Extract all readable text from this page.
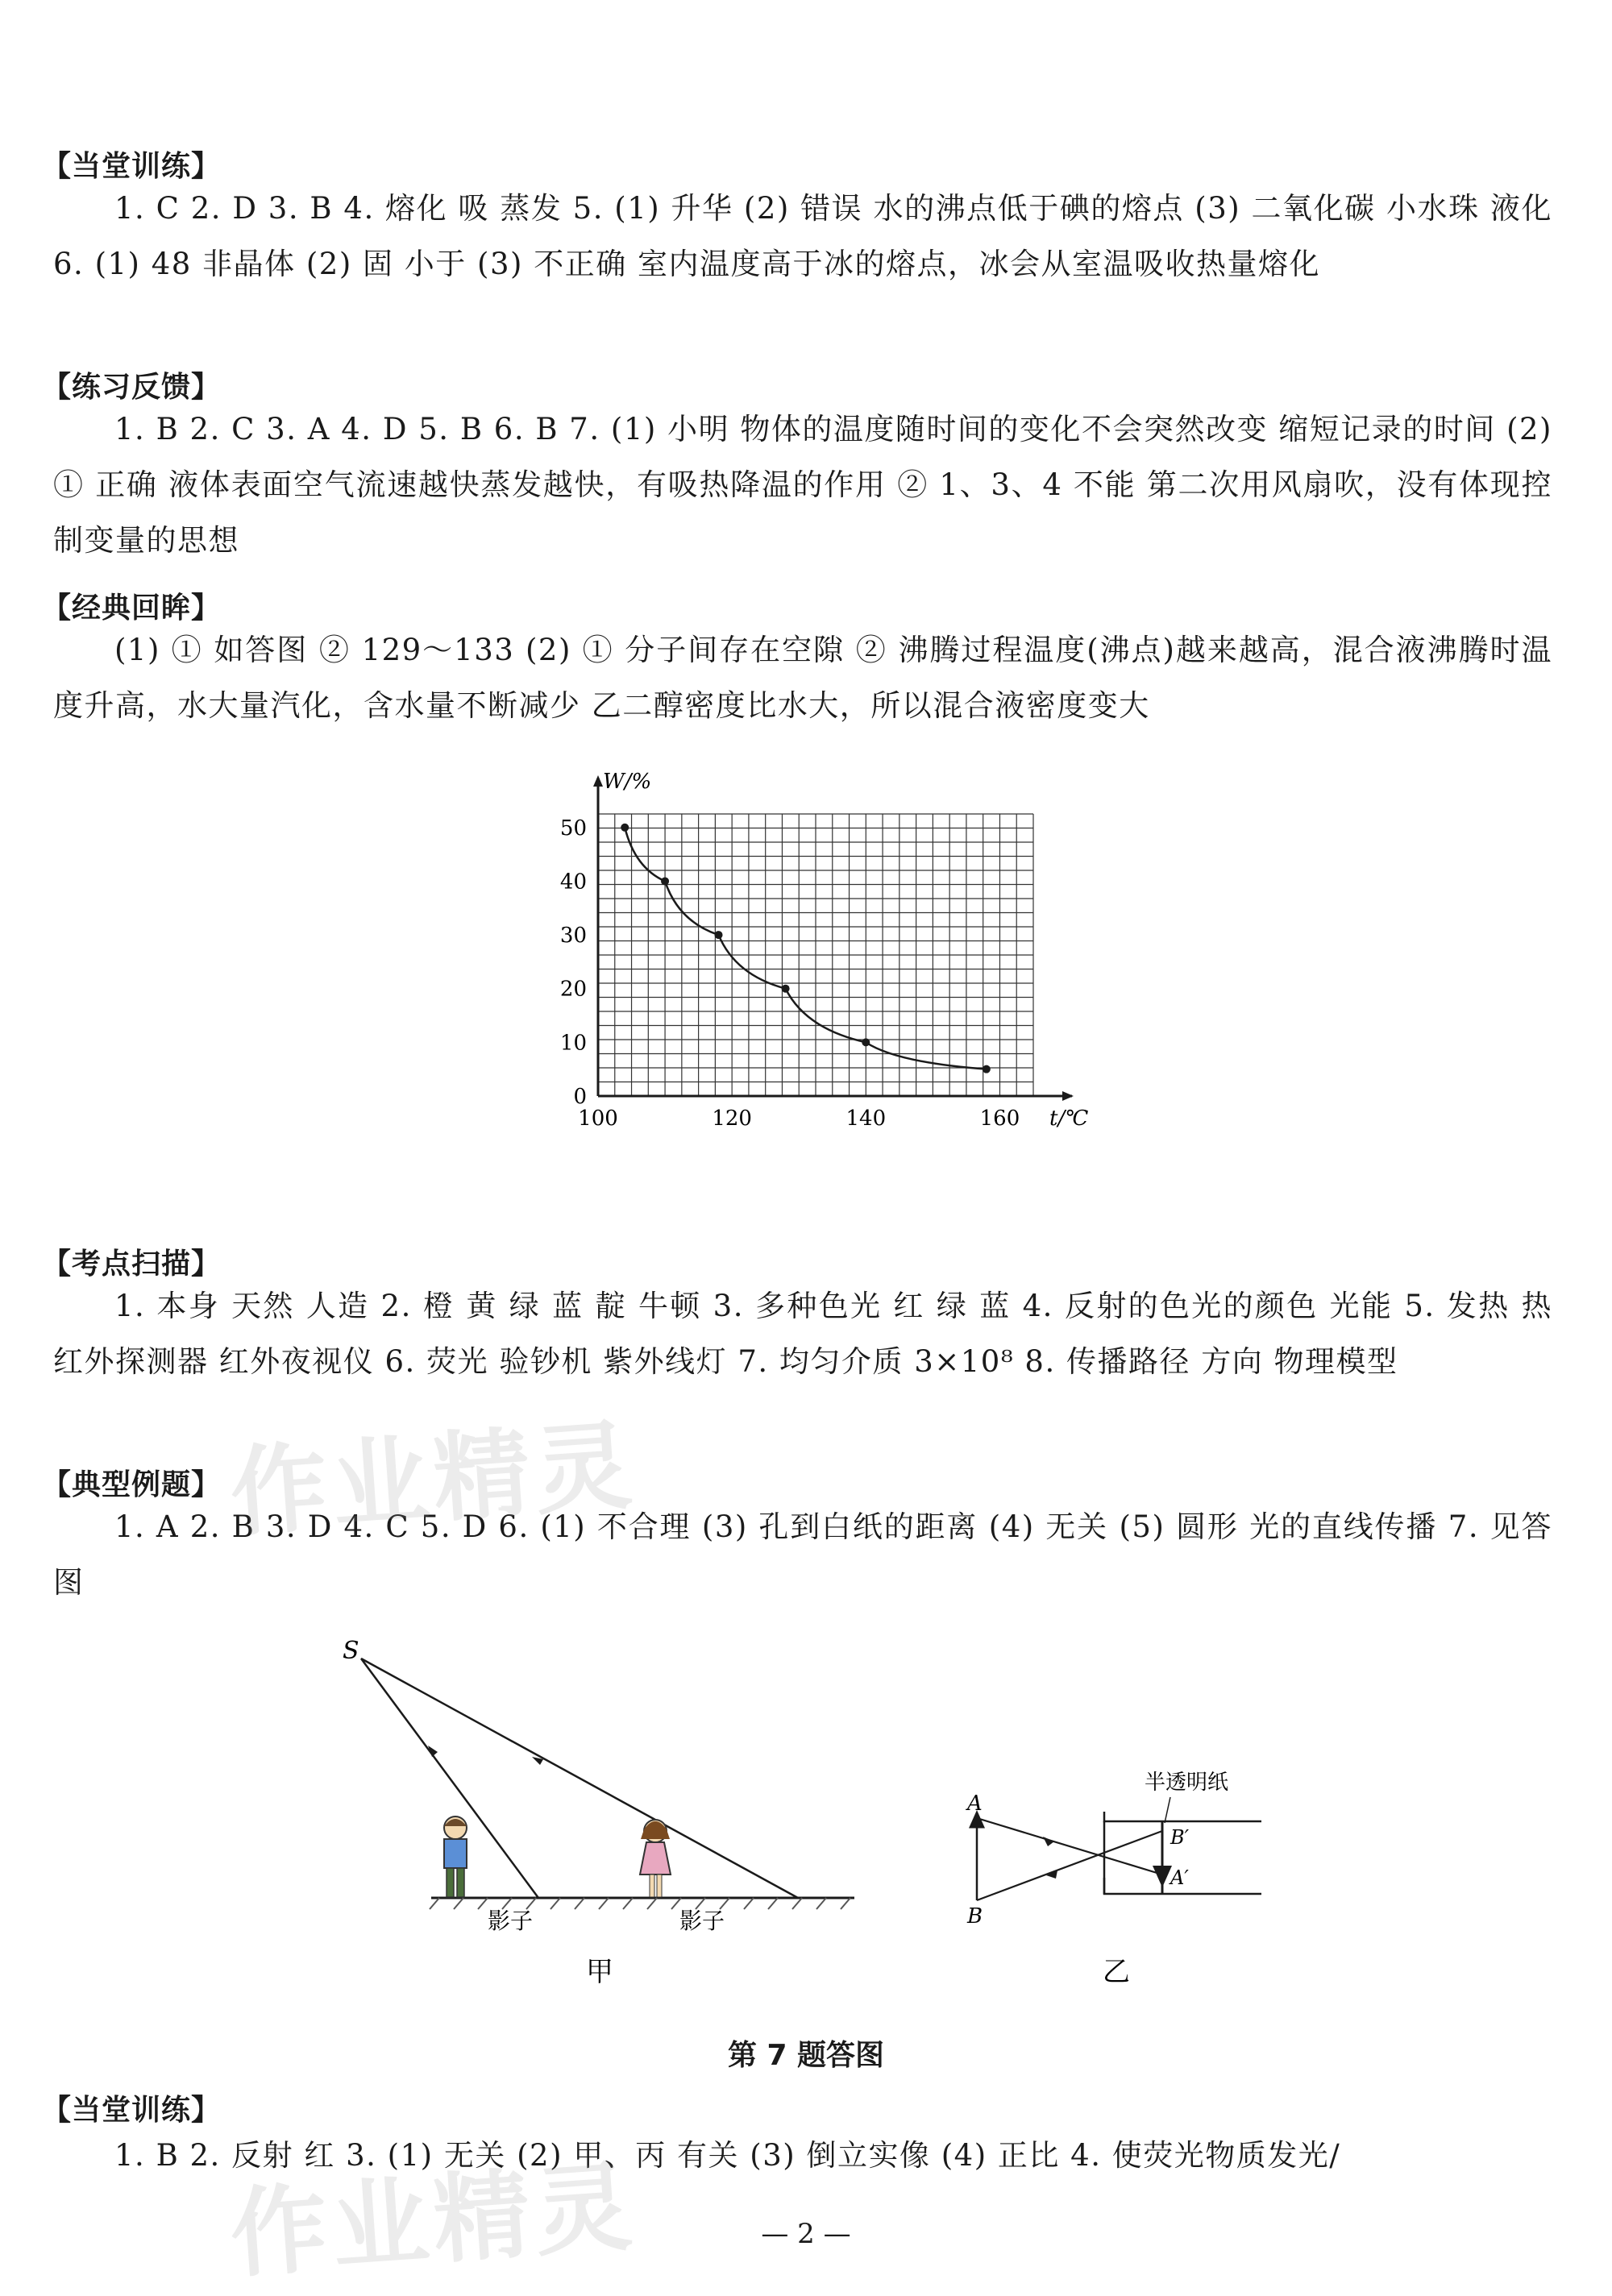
【当堂训练】

1. C 2. D 3. B 4. 熔化 吸 蒸发 5. (1) 升华 (2) 错误 水的沸点低于碘的熔点 (3) 二氧化碳 小水珠 液化 6. (1) 48 非晶体 (2) 固 小于 (3) 不正确 室内温度高于冰的熔点，冰会从室温吸收热量熔化

【练习反馈】

1. B 2. C 3. A 4. D 5. B 6. B 7. (1) 小明 物体的温度随时间的变化不会突然改变 缩短记录的时间 (2) ① 正确 液体表面空气流速越快蒸发越快，有吸热降温的作用 ② 1、3、4 不能 第二次用风扇吹，没有体现控制变量的思想

【经典回眸】

(1) ① 如答图 ② 129～133 (2) ① 分子间存在空隙 ② 沸腾过程温度(沸点)越来越高，混合液沸腾时温度升高，水大量汽化，含水量不断减少 乙二醇密度比水大，所以混合液密度变大

0
10
20
30
40
50
100	120	140	160
W/%
t/℃
【考点扫描】

1. 本身 天然 人造 2. 橙 黄 绿 蓝 靛 牛顿 3. 多种色光 红 绿 蓝 4. 反射的色光的颜色 光能 5. 发热 热 红外探测器 红外夜视仪 6. 荧光 验钞机 紫外线灯 7. 均匀介质 3×10⁸ 8. 传播路径 方向 物理模型

【典型例题】

1. A 2. B 3. D 4. C 5. D 6. (1) 不合理 (3) 孔到白纸的距离 (4) 无关 (5) 圆形 光的直线传播 7. 见答图

S
影子	影子
甲
半透明纸
A
B
B′
A′
乙
第 7 题答图
【当堂训练】

1. B 2. 反射 红 3. (1) 无关 (2) 甲、丙 有关 (3) 倒立实像 (4) 正比 4. 使荧光物质发光/

作业精灵
作业精灵	— 2 —
